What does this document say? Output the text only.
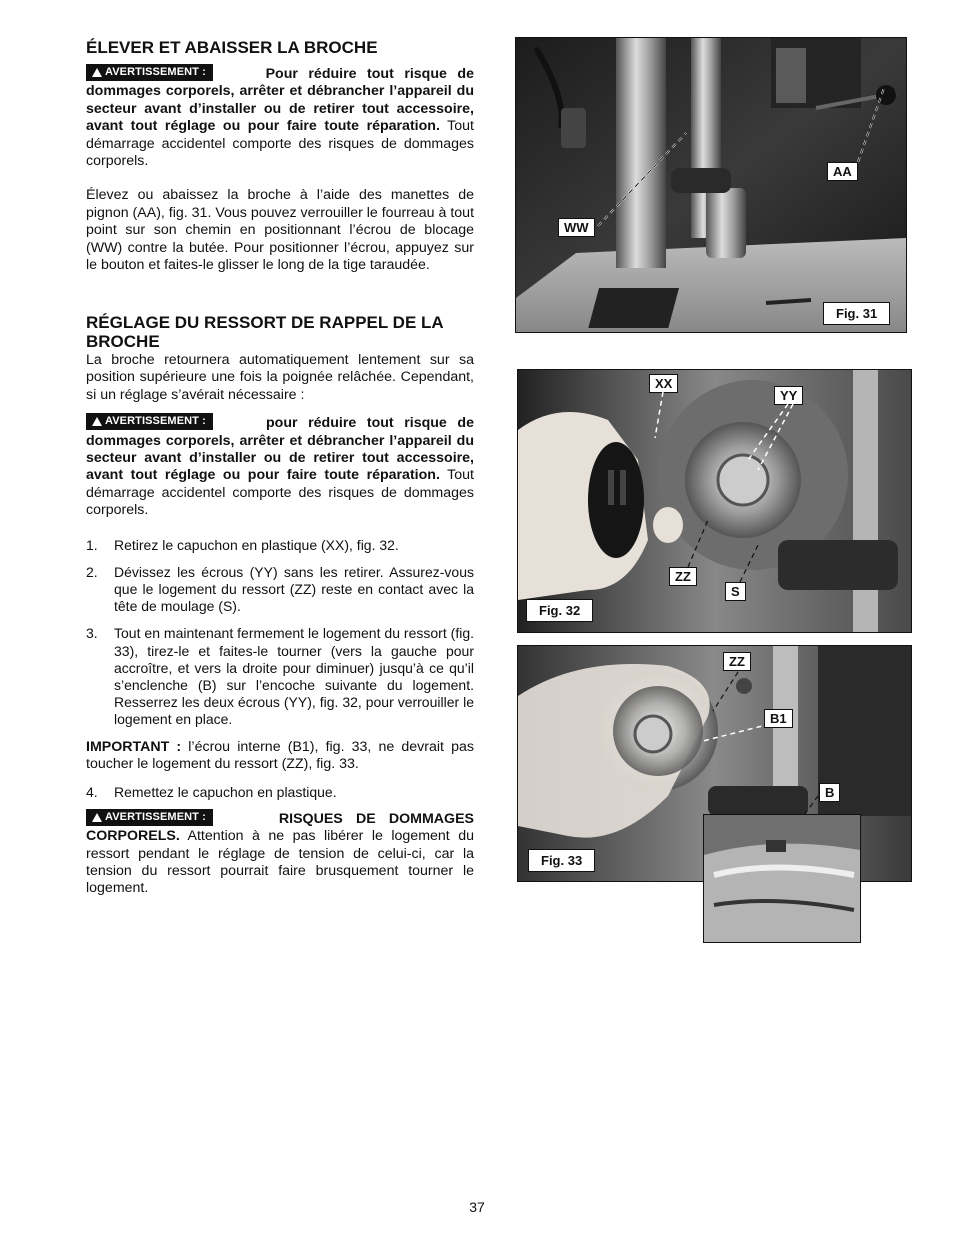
ÉLEVER ET ABAISSER LA BROCHE

AVERTISSEMENT :	Pour réduire tout risque de dommages corporels, arrêter et débrancher l’appareil du secteur avant d’installer ou de retirer tout accessoire, avant tout réglage ou pour faire toute réparation. Tout démarrage accidentel comporte des risques de dommages corporels.

Élevez ou abaissez la broche à l’aide des manettes de pignon (AA), fig. 31. Vous pouvez verrouiller le fourreau à tout point sur son chemin en positionnant l’écrou de blocage (WW) contre la butée. Pour positionner l’écrou, appuyez sur le bouton et faites-le glisser le long de la tige taraudée.

RÉGLAGE DU RESSORT DE RAPPEL DE LA BROCHE

La broche retournera automatiquement lentement sur sa position supérieure une fois la poignée relâchée. Cependant, si un réglage s’avérait nécessaire :

AVERTISSEMENT :	pour réduire tout risque de dommages corporels, arrêter et débrancher l’appareil du secteur avant d’installer ou de retirer tout accessoire, avant tout réglage ou pour faire toute réparation. Tout démarrage accidentel comporte des risques de dommages corporels.

1. Retirez le capuchon en plastique (XX), fig. 32.
2. Dévissez les écrous (YY) sans les retirer. Assurez-vous que le logement du ressort (ZZ) reste en contact avec la tête de moulage (S).
3. Tout en maintenant fermement le logement du ressort (fig. 33), tirez-le et faites-le tourner (vers la gauche pour accroître, et vers la droite pour diminuer) jusqu’à ce qu’il s’enclenche (B) sur l’encoche suivante du logement. Resserrez les deux écrous (YY), fig. 32, pour verrouiller le logement en place.

IMPORTANT : l’écrou interne (B1), fig. 33, ne devrait pas toucher le logement du ressort (ZZ), fig. 33.

4. Remettez le capuchon en plastique.

AVERTISSEMENT :	RISQUES DE DOMMAGES CORPORELS. Attention à ne pas libérer le logement du ressort pendant le réglage de tension de celui-ci, car la tension du ressort pourrait faire brusquement tourner le logement.

AA
WW
Fig. 31
XX
YY
ZZ
S
Fig. 32
ZZ
B1
B
Fig. 33
37
